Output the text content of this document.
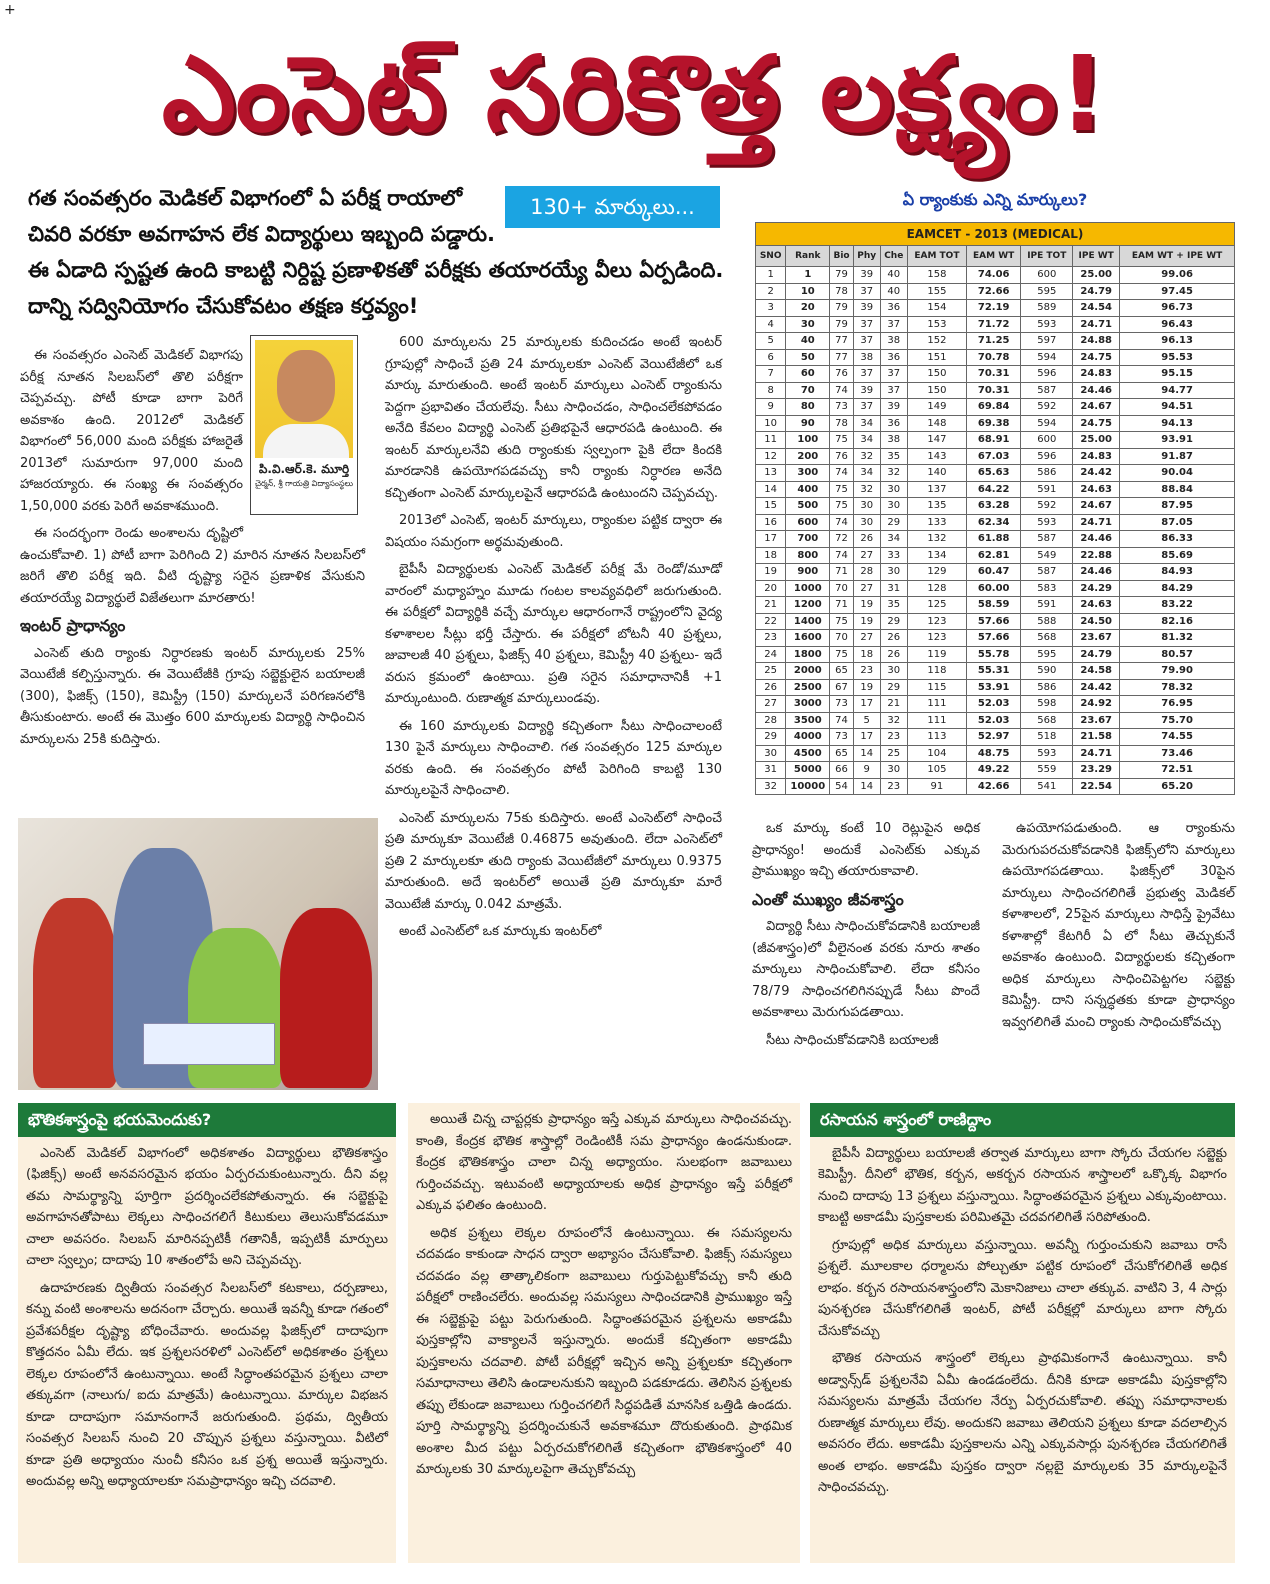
+
ఎంసెట్ సరికొత్త లక్ష్యం!
గత సంవత్సరం మెడికల్ విభాగంలో ఏ పరీక్ష రాయాలో చివరి వరకూ అవగాహన లేక విద్యార్థులు ఇబ్బంది పడ్డారు. ఈ ఏడాది స్పష్టత ఉంది కాబట్టి నిర్దిష్ట ప్రణాళికతో పరీక్షకు తయారయ్యే వీలు ఏర్పడింది. దాన్ని సద్వినియోగం చేసుకోవటం తక్షణ కర్తవ్యం!
130+ మార్కులు...

ఈ సంవత్సరం ఎంసెట్ మెడికల్ విభాగపు పరీక్ష నూతన సిలబస్‌లో తొలి పరీక్షగా చెప్పవచ్చు. పోటీ కూడా బాగా పెరిగే అవకాశం ఉంది. 2012లో మెడికల్ విభాగంలో 56,000 మంది పరీక్షకు హాజరైతే 2013లో సుమారుగా 97,000 మంది హాజరయ్యారు. ఈ సంఖ్య ఈ సంవత్సరం 1,50,000 వరకు పెరిగే అవకాశముంది.

ఈ సందర్భంగా రెండు అంశాలను దృష్టిలో ఉంచుకోవాలి. 1) పోటీ బాగా పెరిగింది 2) మారిన నూతన సిలబస్‌లో జరిగే తొలి పరీక్ష ఇది. వీటి దృష్ట్యా సరైన ప్రణాళిక వేసుకుని తయారయ్యే విద్యార్థులే విజేతలుగా మారతారు!

ఇంటర్ ప్రాధాన్యం

ఎంసెట్ తుది ర్యాంకు నిర్ధారణకు ఇంటర్ మార్కులకు 25% వెయిటేజీ కల్పిస్తున్నారు. ఈ వెయిటేజీకి గ్రూపు సబ్జెక్టులైన బయాలజీ (300), ఫిజిక్స్ (150), కెమిస్ట్రీ (150) మార్కులనే పరిగణనలోకి తీసుకుంటారు. అంటే ఈ మొత్తం 600 మార్కులకు విద్యార్థి సాధించిన మార్కులను 25కి కుదిస్తారు.

పి.వి.ఆర్.కె. మూర్తి
చైర్మన్, శ్రీ గాయత్రి విద్యాసంస్థలు

600 మార్కులను 25 మార్కులకు కుదించడం అంటే ఇంటర్ గ్రూపుల్లో సాధించే ప్రతి 24 మార్కులకూ ఎంసెట్ వెయిటేజీలో ఒక మార్కు మారుతుంది. అంటే ఇంటర్ మార్కులు ఎంసెట్ ర్యాంకును పెద్దగా ప్రభావితం చేయలేవు. సీటు సాధించడం, సాధించలేకపోవడం అనేది కేవలం విద్యార్థి ఎంసెట్ ప్రతిభపైనే ఆధారపడి ఉంటుంది. ఈ ఇంటర్ మార్కులనేవి తుది ర్యాంకుకు స్వల్పంగా పైకి లేదా కిందకి మారడానికి ఉపయోగపడవచ్చు కానీ ర్యాంకు నిర్ధారణ అనేది కచ్చితంగా ఎంసెట్ మార్కులపైనే ఆధారపడి ఉంటుందని చెప్పవచ్చు.

2013లో ఎంసెట్, ఇంటర్ మార్కులు, ర్యాంకుల పట్టిక ద్వారా ఈ విషయం సమగ్రంగా అర్థమవుతుంది.

బైపీసీ విద్యార్థులకు ఎంసెట్ మెడికల్ పరీక్ష మే రెండో/మూడో వారంలో మధ్యాహ్నం మూడు గంటల కాలవ్యవధిలో జరుగుతుంది. ఈ పరీక్షలో విద్యార్థికి వచ్చే మార్కుల ఆధారంగానే రాష్ట్రంలోని వైద్య కళాశాలల సీట్లు భర్తీ చేస్తారు. ఈ పరీక్షలో బోటనీ 40 ప్రశ్నలు, జువాలజీ 40 ప్రశ్నలు, ఫిజిక్స్ 40 ప్రశ్నలు, కెమిస్ట్రీ 40 ప్రశ్నలు- ఇదే వరుస క్రమంలో ఉంటాయి. ప్రతి సరైన సమాధానానికీ +1 మార్కుంటుంది. రుణాత్మక మార్కులుండవు.

ఈ 160 మార్కులకు విద్యార్థి కచ్చితంగా సీటు సాధించాలంటే 130 పైనే మార్కులు సాధించాలి. గత సంవత్సరం 125 మార్కుల వరకు ఉంది. ఈ సంవత్సరం పోటీ పెరిగింది కాబట్టి 130 మార్కులపైనే సాధించాలి.

ఎంసెట్ మార్కులను 75కు కుదిస్తారు. అంటే ఎంసెట్‌లో సాధించే ప్రతి మార్కుకూ వెయిటేజీ 0.46875 అవుతుంది. లేదా ఎంసెట్‌లో ప్రతి 2 మార్కులకూ తుది ర్యాంకు వెయిటేజీలో మార్కులు 0.9375 మారుతుంది. అదే ఇంటర్‌లో అయితే ప్రతి మార్కుకూ మారే వెయిటేజీ మార్కు 0.042 మాత్రమే.

అంటే ఎంసెట్‌లో ఒక మార్కుకు ఇంటర్‌లో

ఏ ర్యాంకుకు ఎన్ని మార్కులు?
EAMCET - 2013 (MEDICAL)									
SNO	Rank	Bio	Phy	Che	EAM TOT	EAM WT	IPE TOT	IPE WT	EAM WT + IPE WT
1	1	79	39	40	158	74.06	600	25.00	99.06
2	10	78	37	40	155	72.66	595	24.79	97.45
3	20	79	39	36	154	72.19	589	24.54	96.73
4	30	79	37	37	153	71.72	593	24.71	96.43
5	40	77	37	38	152	71.25	597	24.88	96.13
6	50	77	38	36	151	70.78	594	24.75	95.53
7	60	76	37	37	150	70.31	596	24.83	95.15
8	70	74	39	37	150	70.31	587	24.46	94.77
9	80	73	37	39	149	69.84	592	24.67	94.51
10	90	78	34	36	148	69.38	594	24.75	94.13
11	100	75	34	38	147	68.91	600	25.00	93.91
12	200	76	32	35	143	67.03	596	24.83	91.87
13	300	74	34	32	140	65.63	586	24.42	90.04
14	400	75	32	30	137	64.22	591	24.63	88.84
15	500	75	30	30	135	63.28	592	24.67	87.95
16	600	74	30	29	133	62.34	593	24.71	87.05
17	700	72	26	34	132	61.88	587	24.46	86.33
18	800	74	27	33	134	62.81	549	22.88	85.69
19	900	71	28	30	129	60.47	587	24.46	84.93
20	1000	70	27	31	128	60.00	583	24.29	84.29
21	1200	71	19	35	125	58.59	591	24.63	83.22
22	1400	75	19	29	123	57.66	588	24.50	82.16
23	1600	70	27	26	123	57.66	568	23.67	81.32
24	1800	75	18	26	119	55.78	595	24.79	80.57
25	2000	65	23	30	118	55.31	590	24.58	79.90
26	2500	67	19	29	115	53.91	586	24.42	78.32
27	3000	73	17	21	111	52.03	598	24.92	76.95
28	3500	74	5	32	111	52.03	568	23.67	75.70
29	4000	73	17	23	113	52.97	518	21.58	74.55
30	4500	65	14	25	104	48.75	593	24.71	73.46
31	5000	66	9	30	105	49.22	559	23.29	72.51
32	10000	54	14	23	91	42.66	541	22.54	65.20

ఒక మార్కు కంటే 10 రెట్లుపైన అధిక ప్రాధాన్యం! అందుకే ఎంసెట్‌కు ఎక్కువ ప్రాముఖ్యం ఇచ్చి తయారుకావాలి.

ఎంతో ముఖ్యం జీవశాస్త్రం

విద్యార్థి సీటు సాధించుకోవడానికి బయాలజీ (జీవశాస్త్రం)లో వీలైనంత వరకు నూరు శాతం మార్కులు సాధించుకోవాలి. లేదా కనీసం 78/79 సాధించగలిగినప్పుడే సీటు పొందే అవకాశాలు మెరుగుపడతాయి.

సీటు సాధించుకోవడానికి బయాలజీ

ఉపయోగపడుతుంది. ఆ ర్యాంకును మెరుగుపరచుకోవడానికి ఫిజిక్స్‌లోని మార్కులు ఉపయోగపడతాయి. ఫిజిక్స్‌లో 30పైన మార్కులు సాధించగలిగితే ప్రభుత్వ మెడికల్ కళాశాలలో, 25పైన మార్కులు సాధిస్తే ప్రైవేటు కళాశాల్లో కేటగిరీ ఏ లో సీటు తెచ్చుకునే అవకాశం ఉంటుంది. విద్యార్థులకు కచ్చితంగా అధిక మార్కులు సాధించిపెట్టగల సబ్జెక్టు కెమిస్ట్రీ. దాని సన్నద్ధతకు కూడా ప్రాధాన్యం ఇవ్వగలిగితే మంచి ర్యాంకు సాధించుకోవచ్చు

భౌతికశాస్త్రంపై భయమెందుకు?

ఎంసెట్ మెడికల్ విభాగంలో అధికశాతం విద్యార్థులు భౌతికశాస్త్రం (ఫిజిక్స్) అంటే అనవసరమైన భయం ఏర్పరచుకుంటున్నారు. దీని వల్ల తమ సామర్థ్యాన్ని పూర్తిగా ప్రదర్శించలేకపోతున్నారు. ఈ సబ్జెక్టుపై అవగాహనతోపాటు లెక్కలు సాధించగలిగే కిటుకులు తెలుసుకోవడమూ చాలా అవసరం. సిలబస్ మారినప్పటికీ గతానికీ, ఇప్పటికీ మార్పులు చాలా స్వల్పం; దాదాపు 10 శాతంలోపే అని చెప్పవచ్చు.

ఉదాహరణకు ద్వితీయ సంవత్సర సిలబస్‌లో కటకాలు, దర్పణాలు, కన్ను వంటి అంశాలను అదనంగా చేర్చారు. అయితే ఇవన్నీ కూడా గతంలో ప్రవేశపరీక్షల దృష్ట్యా బోధించేవారు. అందువల్ల ఫిజిక్స్‌లో దాదాపుగా కొత్తదనం ఏమీ లేదు. ఇక ప్రశ్నలసరళిలో ఎంసెట్‌లో అధికశాతం ప్రశ్నలు లెక్కల రూపంలోనే ఉంటున్నాయి. అంటే సిద్ధాంతపరమైన ప్రశ్నలు చాలా తక్కువగా (నాలుగు/ ఐదు మాత్రమే) ఉంటున్నాయి. మార్కుల విభజన కూడా దాదాపుగా సమానంగానే జరుగుతుంది. ప్రథమ, ద్వితీయ సంవత్సర సిలబస్ నుంచి 20 చొప్పున ప్రశ్నలు వస్తున్నాయి. వీటిలో కూడా ప్రతి అధ్యాయం నుంచీ కనీసం ఒక ప్రశ్న అయితే ఇస్తున్నారు. అందువల్ల అన్ని అధ్యాయాలకూ సమప్రాధాన్యం ఇచ్చి చదవాలి.

అయితే చిన్న చాప్టర్లకు ప్రాధాన్యం ఇస్తే ఎక్కువ మార్కులు సాధించవచ్చు. కాంతి, కేంద్రక భౌతిక శాస్త్రాల్లో రెండింటికీ సమ ప్రాధాన్యం ఉండనుకుండా. కేంద్రక భౌతికశాస్త్రం చాలా చిన్న అధ్యాయం. సులభంగా జవాబులు గుర్తించవచ్చు. ఇటువంటి అధ్యాయాలకు అధిక ప్రాధాన్యం ఇస్తే పరీక్షలో ఎక్కువ ఫలితం ఉంటుంది.

అధిక ప్రశ్నలు లెక్కల రూపంలోనే ఉంటున్నాయి. ఈ సమస్యలను చదవడం కాకుండా సాధన ద్వారా అభ్యాసం చేసుకోవాలి. ఫిజిక్స్ సమస్యలు చదవడం వల్ల తాత్కాలికంగా జవాబులు గుర్తుపెట్టుకోవచ్చు కానీ తుది పరీక్షలో రాణించలేరు. అందువల్ల సమస్యలు సాధించడానికి ప్రాముఖ్యం ఇస్తే ఈ సబ్జెక్టుపై పట్టు పెరుగుతుంది. సిద్ధాంతపరమైన ప్రశ్నలను అకాడమీ పుస్తకాల్లోని వాక్యాలనే ఇస్తున్నారు. అందుకే కచ్చితంగా అకాడమీ పుస్తకాలను చదవాలి. పోటీ పరీక్షల్లో ఇచ్చిన అన్ని ప్రశ్నలకూ కచ్చితంగా సమాధానాలు తెలిసి ఉండాలనుకుని ఇబ్బంది పడకూడదు. తెలిసిన ప్రశ్నలకు తప్పు లేకుండా జవాబులు గుర్తించగలిగే సిద్ధపడితే మానసిక ఒత్తిడి ఉండదు. పూర్తి సామర్థ్యాన్ని ప్రదర్శించుకునే అవకాశమూ దొరుకుతుంది. ప్రాథమిక అంశాల మీద పట్టు ఏర్పరచుకోగలిగితే కచ్చితంగా భౌతికశాస్త్రంలో 40 మార్కులకు 30 మార్కులపైగా తెచ్చుకోవచ్చు

రసాయన శాస్త్రంలో రాణిద్దాం

బైపీసీ విద్యార్థులు బయాలజీ తర్వాత మార్కులు బాగా స్కోరు చేయగల సబ్జెక్టు కెమిస్ట్రీ. దీనిలో భౌతిక, కర్బన, అకర్బన రసాయన శాస్త్రాలలో ఒక్కొక్క విభాగం నుంచి దాదాపు 13 ప్రశ్నలు వస్తున్నాయి. సిద్ధాంతపరమైన ప్రశ్నలు ఎక్కువుంటాయి. కాబట్టి అకాడమీ పుస్తకాలకు పరిమితమై చదవగలిగితే సరిపోతుంది.

గ్రూపుల్లో అధిక మార్కులు వస్తున్నాయి. అవన్నీ గుర్తుంచుకుని జవాబు రాసే ప్రశ్నలే. మూలకాల ధర్మాలను పోల్చుతూ పట్టిక రూపంలో చేసుకోగలిగితే అధిక లాభం. కర్బన రసాయనశాస్త్రంలోని మెకానిజాలు చాలా తక్కువ. వాటిని 3, 4 సార్లు పునశ్చరణ చేసుకోగలిగితే ఇంటర్, పోటీ పరీక్షల్లో మార్కులు బాగా స్కోరు చేసుకోవచ్చు

భౌతిక రసాయన శాస్త్రంలో లెక్కలు ప్రాథమికంగానే ఉంటున్నాయి. కానీ అడ్వాన్స్‌డ్ ప్రశ్నలనేవి ఏమీ ఉండడంలేదు. దీనికి కూడా అకాడమీ పుస్తకాల్లోని సమస్యలను మాత్రమే చేయగల నేర్పు ఏర్పరచుకోవాలి. తప్పు సమాధానాలకు రుణాత్మక మార్కులు లేవు. అందుకని జవాబు తెలియని ప్రశ్నలు కూడా వదలాల్సిన అవసరం లేదు. అకాడమీ పుస్తకాలను ఎన్ని ఎక్కువసార్లు పునశ్చరణ చేయగలిగితే అంత లాభం. అకాడమీ పుస్తకం ద్వారా నల్లబై మార్కులకు 35 మార్కులపైనే సాధించవచ్చు.
